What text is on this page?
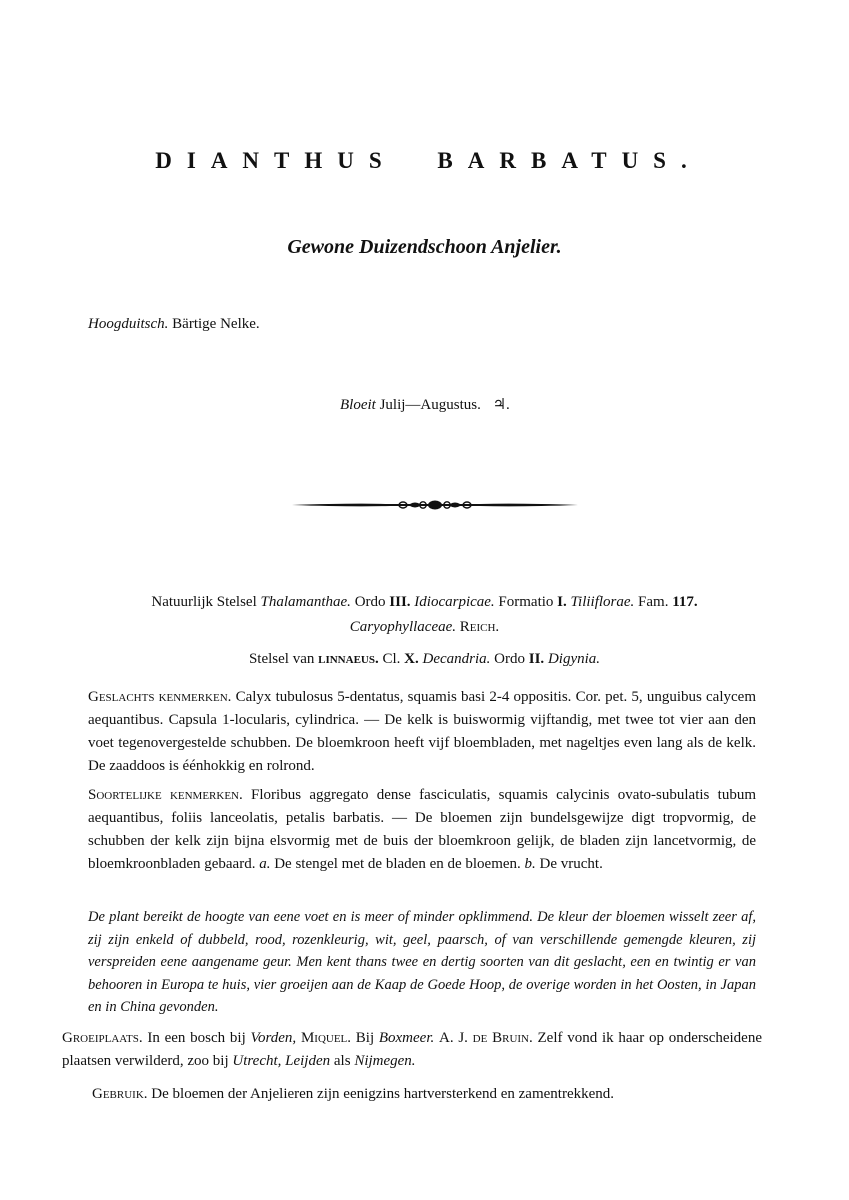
DIANTHUS BARBATUS.
Gewone Duizendschoon Anjelier.

Hoogduitsch. Bärtige Nelke.

Bloeit Julij—Augustus. ♃.

Natuurlijk Stelsel Thalamanthae. Ordo III. Idiocarpicae. Formatio I. Tiliiflorae. Fam. 117.

Caryophyllaceae. Reich.

Stelsel van linnaeus. Cl. X. Decandria. Ordo II. Digynia.

Geslachts kenmerken. Calyx tubulosus 5-dentatus, squamis basi 2-4 oppositis. Cor. pet. 5, unguibus calycem aequantibus. Capsula 1-locularis, cylindrica. — De kelk is buiswormig vijftandig, met twee tot vier aan den voet tegenovergestelde schubben. De bloemkroon heeft vijf bloembladen, met nageltjes even lang als de kelk. De zaaddoos is éénhokkig en rolrond.

Soortelijke kenmerken. Floribus aggregato dense fasciculatis, squamis calycinis ovato-subulatis tubum aequantibus, foliis lanceolatis, petalis barbatis. — De bloemen zijn bundelsgewijze digt tropvormig, de schubben der kelk zijn bijna elsvormig met de buis der bloemkroon gelijk, de bladen zijn lancetvormig, de bloemkroonbladen gebaard. a. De stengel met de bladen en de bloemen. b. De vrucht.

De plant bereikt de hoogte van eene voet en is meer of minder opklimmend. De kleur der bloemen wisselt zeer af, zij zijn enkeld of dubbeld, rood, rozenkleurig, wit, geel, paarsch, of van verschillende gemengde kleuren, zij verspreiden eene aangename geur. Men kent thans twee en dertig soorten van dit geslacht, een en twintig er van behooren in Europa te huis, vier groeijen aan de Kaap de Goede Hoop, de overige worden in het Oosten, in Japan en in China gevonden.

Groeiplaats. In een bosch bij Vorden, Miquel. Bij Boxmeer. A. J. de Bruin. Zelf vond ik haar op onderscheidene plaatsen verwilderd, zoo bij Utrecht, Leijden als Nijmegen.

Gebruik. De bloemen der Anjelieren zijn eenigzins hartversterkend en zamentrekkend.
